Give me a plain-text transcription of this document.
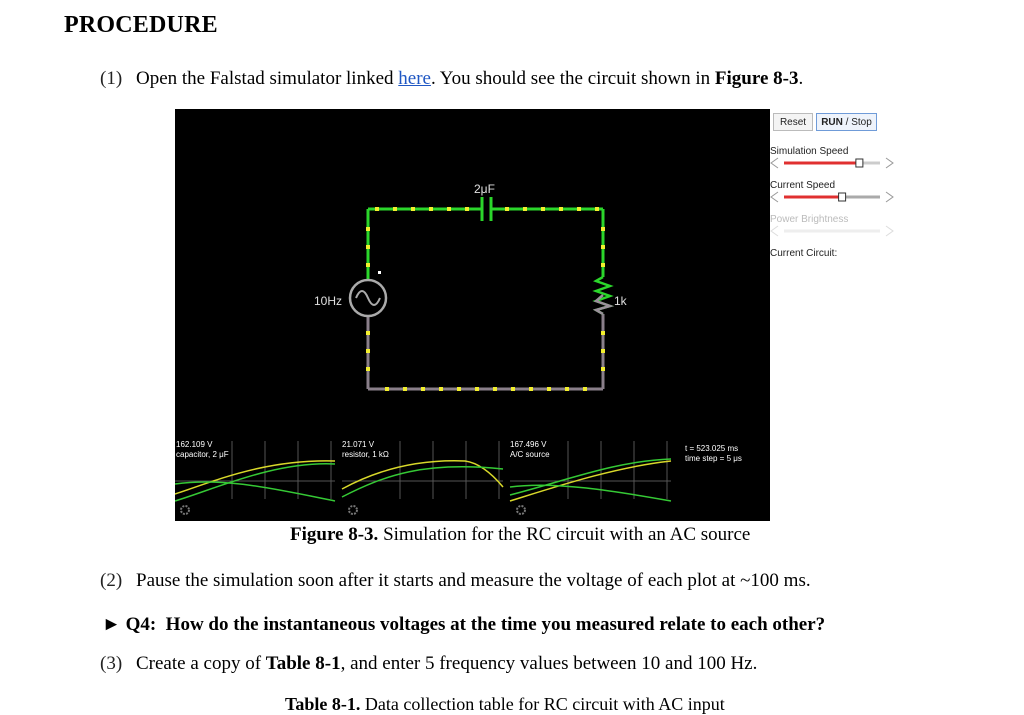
PROCEDURE
(1) Open the Falstad simulator linked here. You should see the circuit shown in Figure 8-3.
2μF
10Hz	1k
162.109 V
capacitor, 2 μF
21.071 V
resistor, 1 kΩ
167.496 V
A/C source
t = 523.025 ms
time step = 5 μs
Reset	RUN / Stop
Simulation Speed
Current Speed
Power Brightness
Current Circuit:
Figure 8-3. Simulation for the RC circuit with an AC source
(2) Pause the simulation soon after it starts and measure the voltage of each plot at ~100 ms.
► Q4: How do the instantaneous voltages at the time you measured relate to each other?
(3) Create a copy of Table 8-1, and enter 5 frequency values between 10 and 100 Hz.
Table 8-1. Data collection table for RC circuit with AC input
